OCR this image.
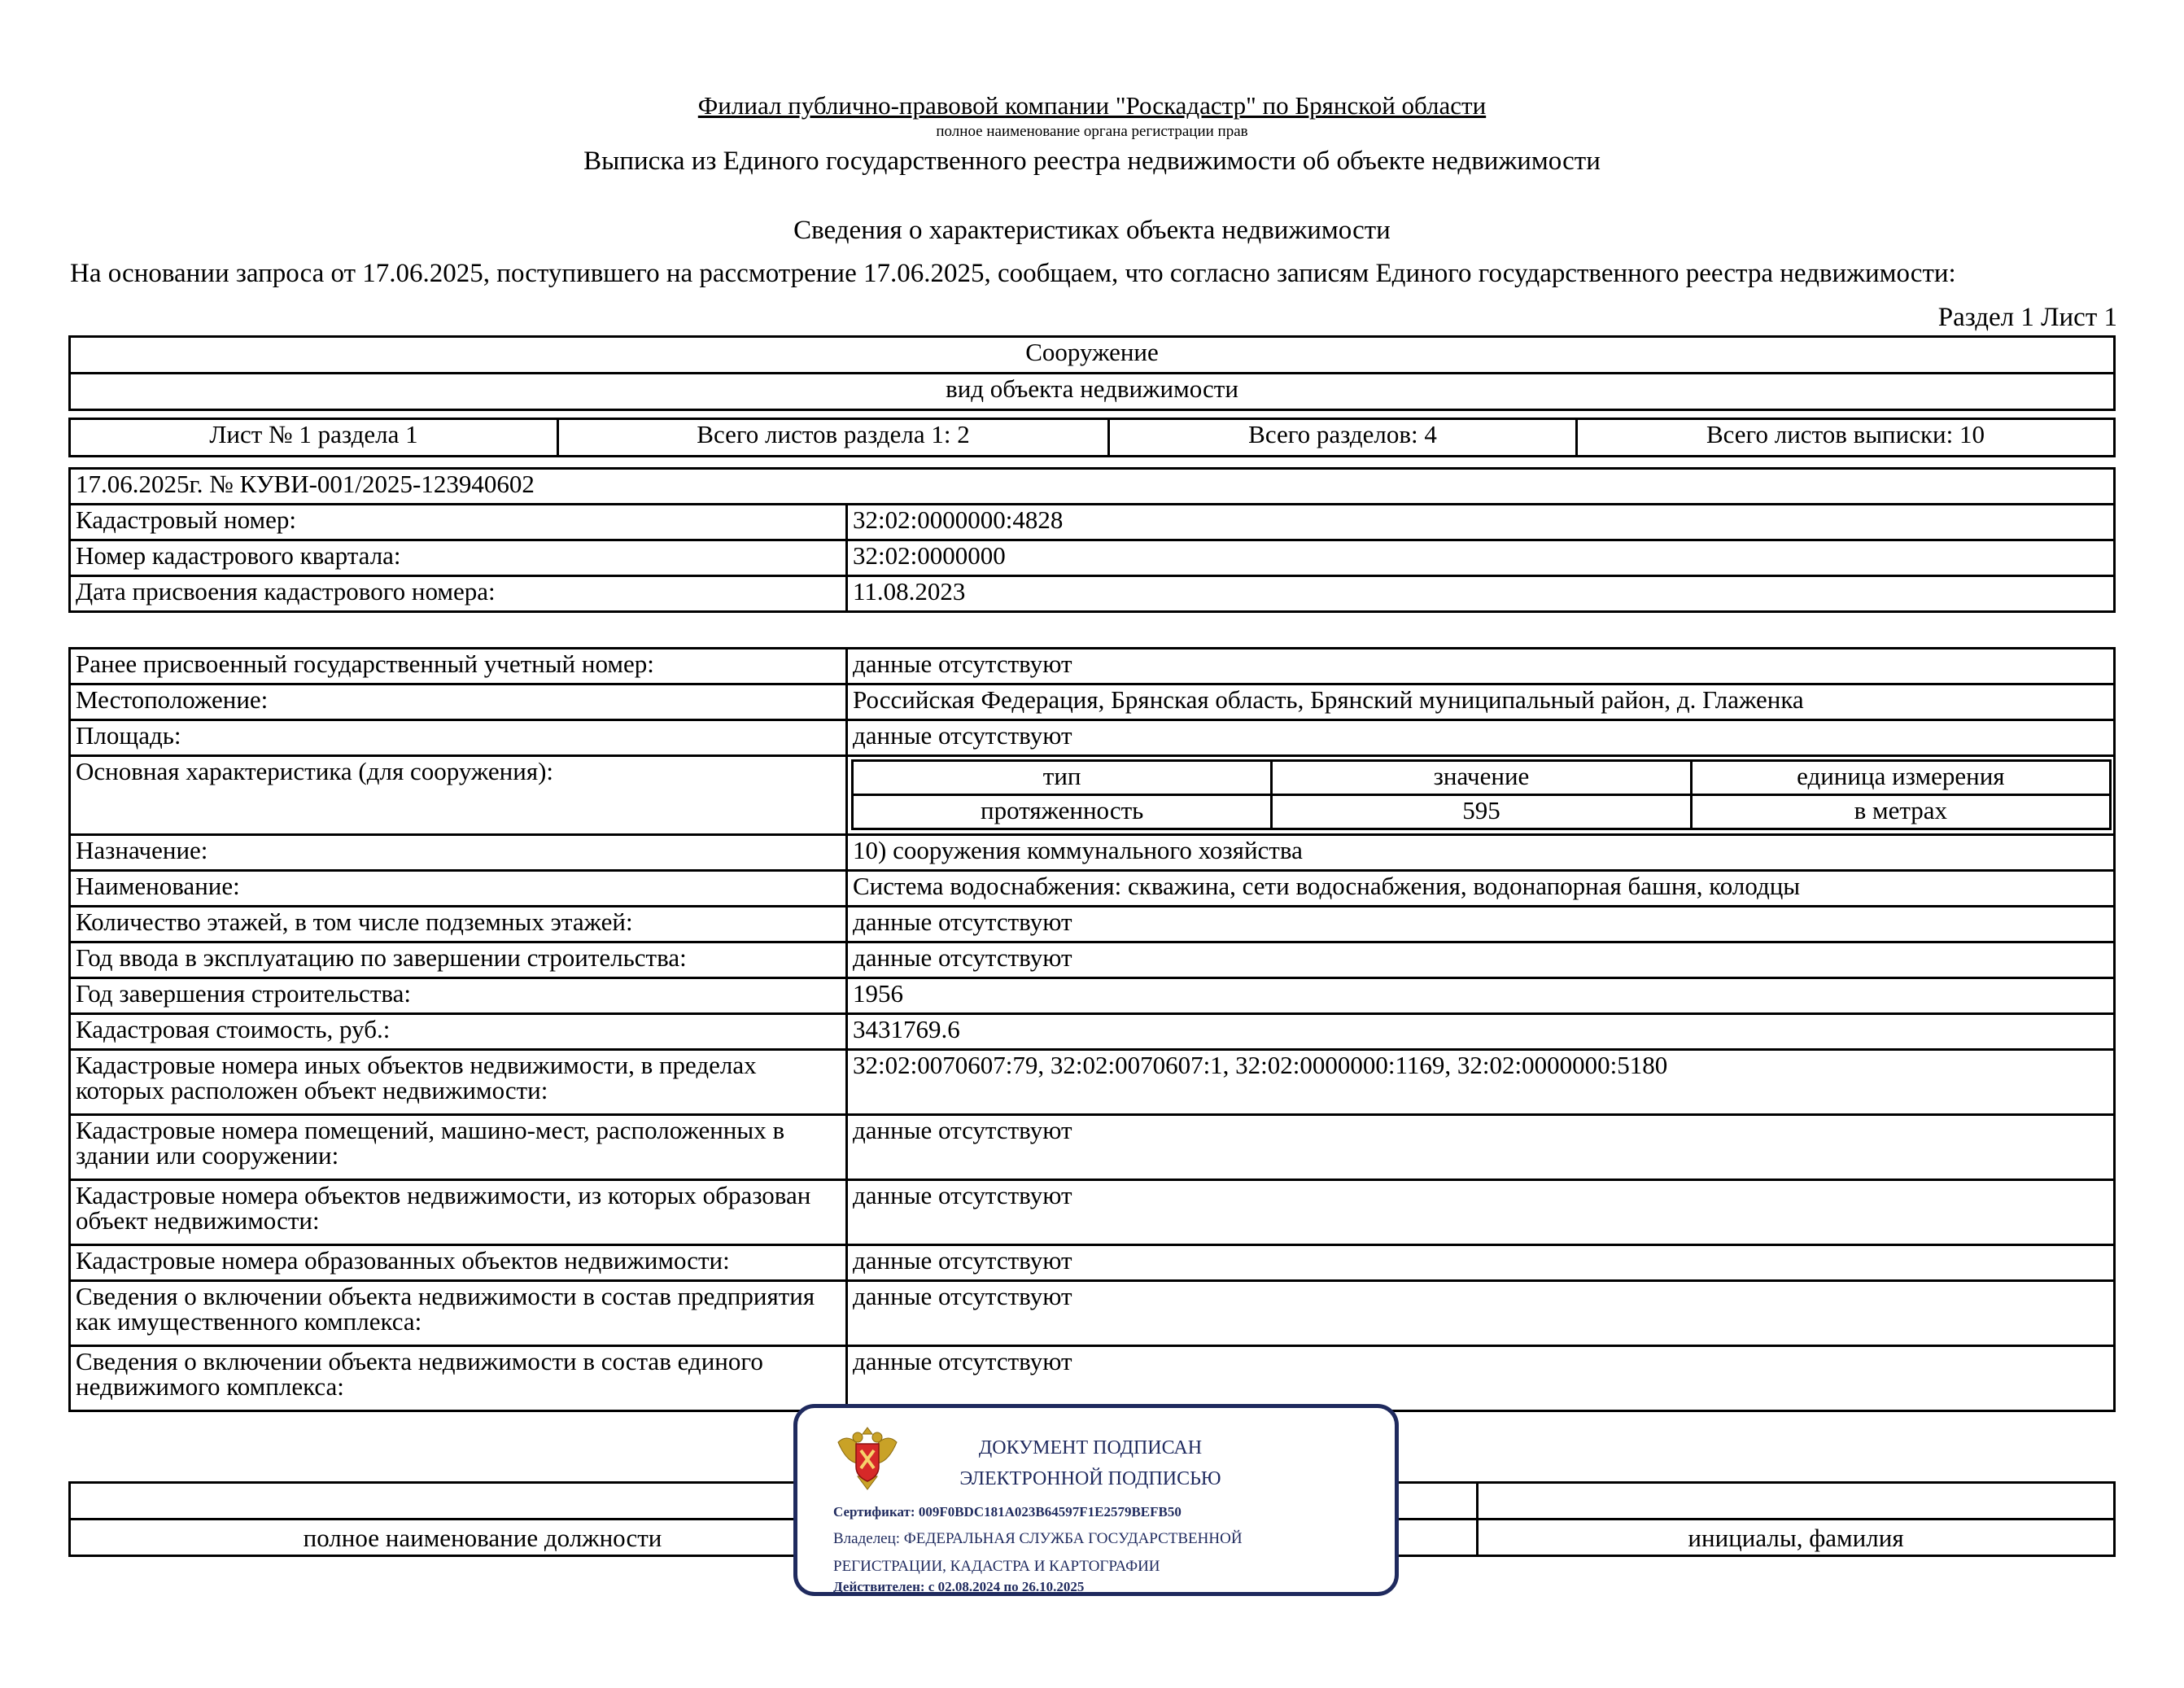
Филиал публично-правовой компании "Роскадастр" по Брянской области
полное наименование органа регистрации прав
Выписка из Единого государственного реестра недвижимости об объекте недвижимости
Сведения о характеристиках объекта недвижимости
На основании запроса от 17.06.2025, поступившего на рассмотрение 17.06.2025, сообщаем, что согласно записям Единого государственного реестра недвижимости:
Раздел 1 Лист 1
Сооружение
вид объекта недвижимости
Лист № 1 раздела 1	Всего листов раздела 1: 2	Всего разделов: 4	Всего листов выписки: 10
17.06.2025г. № КУВИ-001/2025-123940602	
Кадастровый номер:	32:02:0000000:4828
Номер кадастрового квартала:	32:02:0000000
Дата присвоения кадастрового номера:	11.08.2023
Ранее присвоенный государственный учетный номер:	данные отсутствуют
Местоположение:	Российская Федерация, Брянская область, Брянский муниципальный район, д. Глаженка
Площадь:	данные отсутствуют
Основная характеристика (для сооружения):		тип	значение	единица измерения
протяженность	595	в метрах

Назначение:	10) сооружения коммунального хозяйства
Наименование:	Система водоснабжения: скважина, сети водоснабжения, водонапорная башня, колодцы
Количество этажей, в том числе подземных этажей:	данные отсутствуют
Год ввода в эксплуатацию по завершении строительства:	данные отсутствуют
Год завершения строительства:	1956
Кадастровая стоимость, руб.:	3431769.6
Кадастровые номера иных объектов недвижимости, в пределах которых расположен объект недвижимости:	32:02:0070607:79, 32:02:0070607:1, 32:02:0000000:1169, 32:02:0000000:5180
Кадастровые номера помещений, машино-мест, расположенных в здании или сооружении:	данные отсутствуют
Кадастровые номера объектов недвижимости, из которых образован объект недвижимости:	данные отсутствуют
Кадастровые номера образованных объектов недвижимости:	данные отсутствуют
Сведения о включении объекта недвижимости в состав предприятия как имущественного комплекса:	данные отсутствуют
Сведения о включении объекта недвижимости в состав единого недвижимого комплекса:	данные отсутствуют

полное наименование должности		инициалы, фамилия
ДОКУМЕНТ ПОДПИСАН
ЭЛЕКТРОННОЙ ПОДПИСЬЮ
Сертификат: 009F0BDC181A023B64597F1E2579BEFB50
Владелец: ФЕДЕРАЛЬНАЯ СЛУЖБА ГОСУДАРСТВЕННОЙ
РЕГИСТРАЦИИ, КАДАСТРА И КАРТОГРАФИИ
Действителен: с 02.08.2024 по 26.10.2025
